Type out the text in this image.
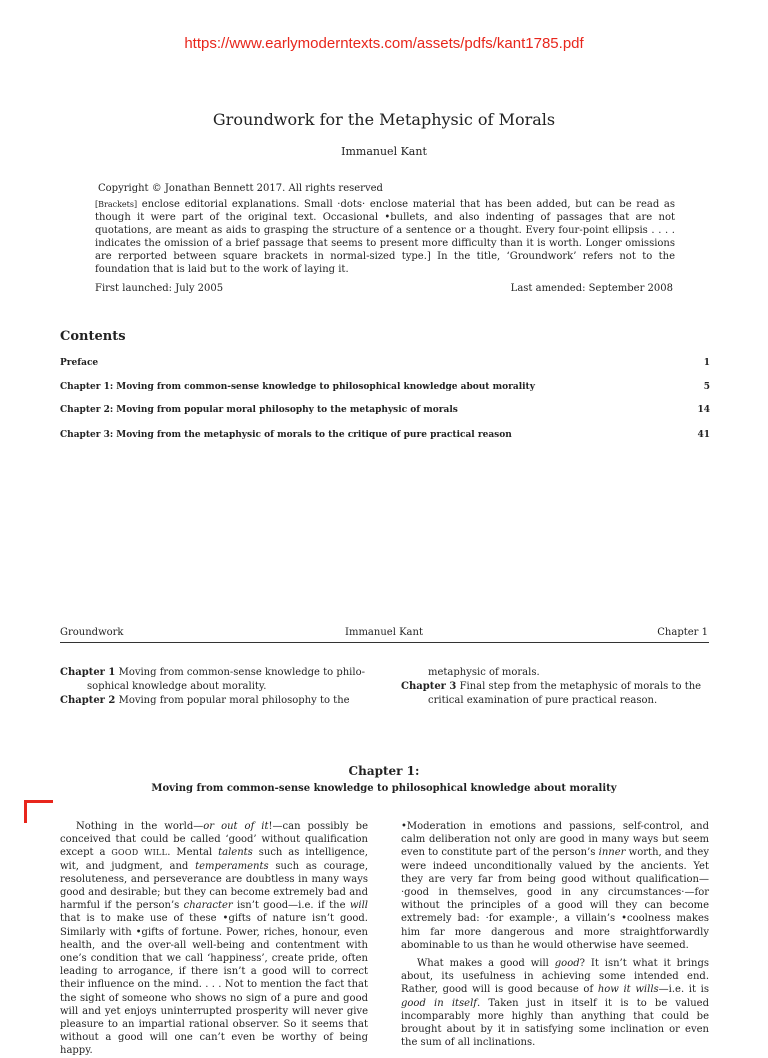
https://www.earlymoderntexts.com/assets/pdfs/kant1785.pdf
Groundwork for the Metaphysic of Morals
Immanuel Kant
Copyright © Jonathan Bennett 2017. All rights reserved
[Brackets] enclose editorial explanations. Small ·dots· enclose material that has been added, but can be read as though it were part of the original text. Occasional •bullets, and also indenting of passages that are not quotations, are meant as aids to grasping the structure of a sentence or a thought. Every four-point ellipsis . . . . indicates the omission of a brief passage that seems to present more difficulty than it is worth. Longer omissions are rerported between square brackets in normal-sized type.] In the title, ‘Groundwork’ refers not to the foundation that is laid but to the work of laying it.
First launched: July 2005	Last amended: September 2008
Contents
Preface	1
Chapter 1: Moving from common-sense knowledge to philosophical knowledge about morality	5
Chapter 2: Moving from popular moral philosophy to the metaphysic of morals	14
Chapter 3: Moving from the metaphysic of morals to the critique of pure practical reason	41
Groundwork	Immanuel Kant	Chapter 1
Chapter 1 Moving from common-sense knowledge to philo-
sophical knowledge about morality.
Chapter 2 Moving from popular moral philosophy to the
metaphysic of morals.
Chapter 3 Final step from the metaphysic of morals to the
critical examination of pure practical reason.
Chapter 1:
Moving from common-sense knowledge to philosophical knowledge about morality

Nothing in the world—or out of it!—can possibly be conceived that could be called ‘good’ without qualification except a GOOD WILL. Mental talents such as intelligence, wit, and judgment, and temperaments such as courage, resoluteness, and perseverance are doubtless in many ways good and desirable; but they can become extremely bad and harmful if the person’s character isn’t good—i.e. if the will that is to make use of these •gifts of nature isn’t good. Similarly with •gifts of fortune. Power, riches, honour, even health, and the over-all well-being and contentment with one’s condition that we call ‘happiness’, create pride, often leading to arrogance, if there isn’t a good will to correct their influence on the mind. . . . Not to mention the fact that the sight of someone who shows no sign of a pure and good will and yet enjoys uninterrupted prosperity will never give pleasure to an impartial rational observer. So it seems that without a good will one can’t even be worthy of being happy.

•Moderation in emotions and passions, self-control, and calm deliberation not only are good in many ways but seem even to constitute part of the person’s inner worth, and they were indeed unconditionally valued by the ancients. Yet they are very far from being good without qualification—·good in themselves, good in any circumstances·—for without the principles of a good will they can become extremely bad: ·for example·, a villain’s •coolness makes him far more dangerous and more straightforwardly abominable to us than he would otherwise have seemed.

What makes a good will good? It isn’t what it brings about, its usefulness in achieving some intended end. Rather, good will is good because of how it wills—i.e. it is good in itself. Taken just in itself it is to be valued incomparably more highly than anything that could be brought about by it in satisfying some inclination or even the sum of all inclinations.
